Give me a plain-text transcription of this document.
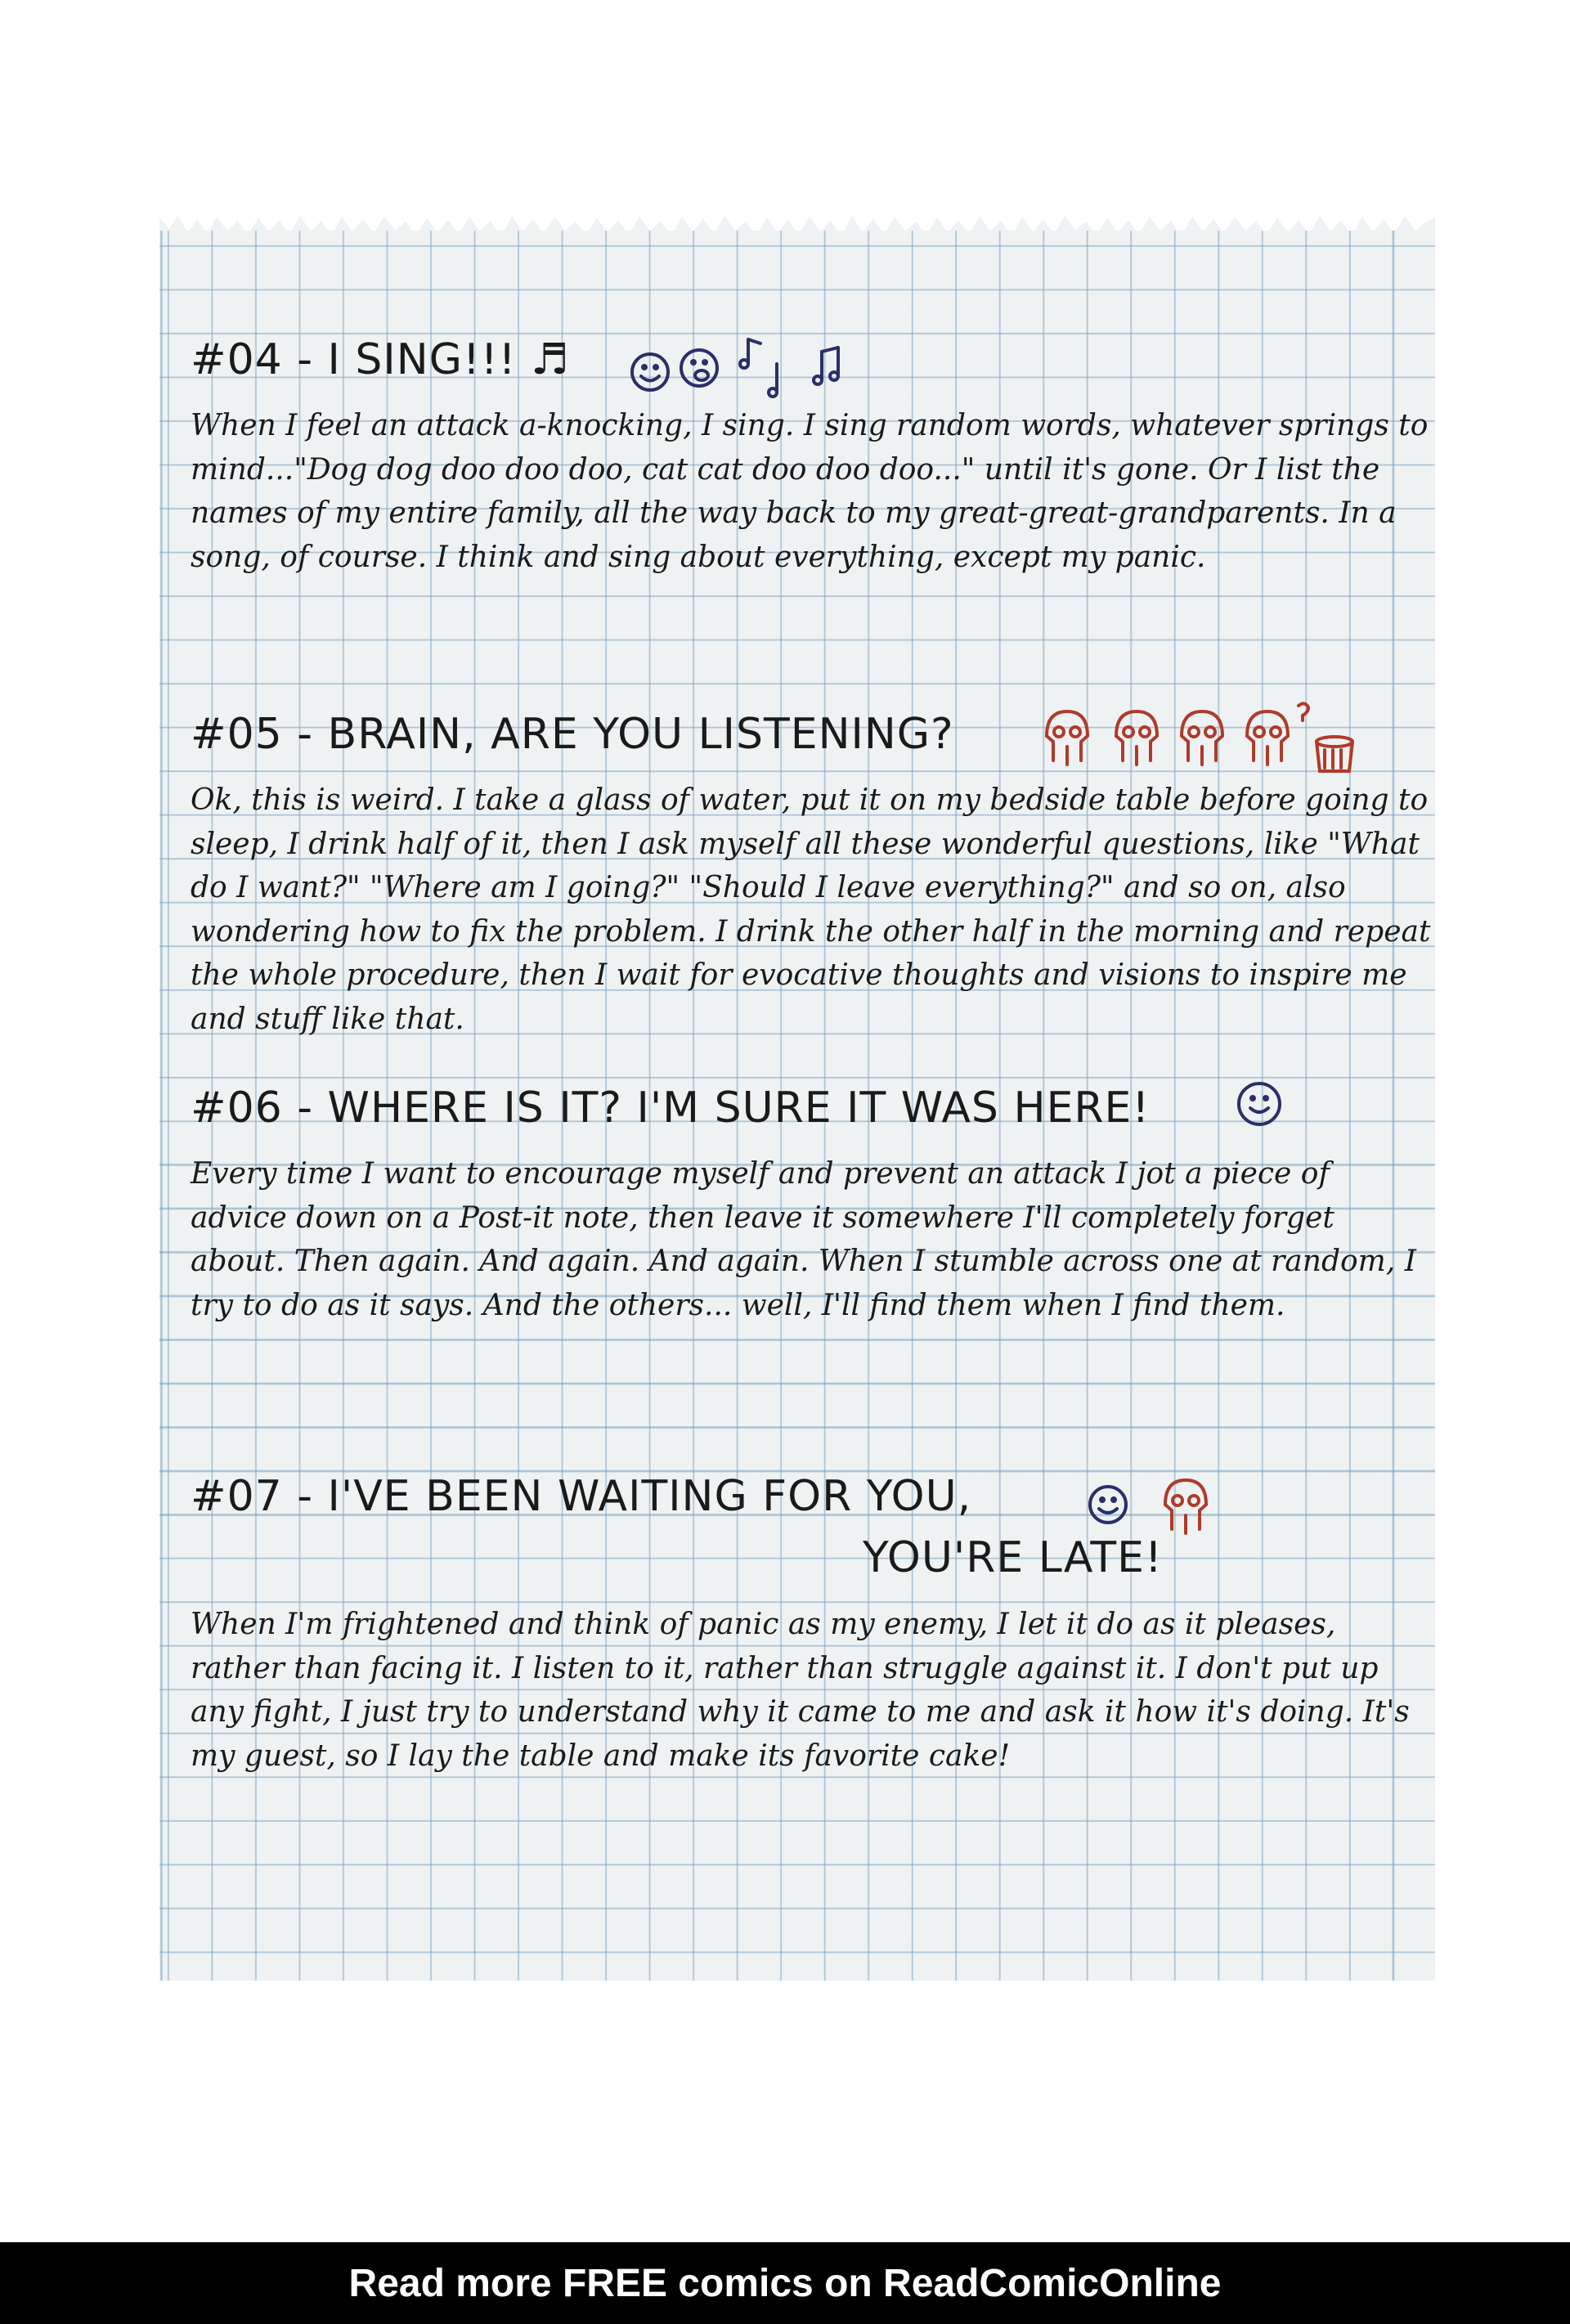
#04 - I SING!!! ♬

When I feel an attack a-knocking, I sing. I sing random words, whatever springs to mind..."Dog dog doo doo doo, cat cat doo doo doo..." until it's gone. Or I list the names of my entire family, all the way back to my great-great-grandparents. In a song, of course. I think and sing about everything, except my panic.

#05 - BRAIN, ARE YOU LISTENING?

Ok, this is weird. I take a glass of water, put it on my bedside table before going to sleep, I drink half of it, then I ask myself all these wonderful questions, like "What do I want?" "Where am I going?" "Should I leave everything?" and so on, also wondering how to fix the problem. I drink the other half in the morning and repeat the whole procedure, then I wait for evocative thoughts and visions to inspire me and stuff like that.

#06 - WHERE IS IT? I'M SURE IT WAS HERE!

Every time I want to encourage myself and prevent an attack I jot a piece of advice down on a Post-it note, then leave it somewhere I'll completely forget about. Then again. And again. And again. When I stumble across one at random, I try to do as it says. And the others... well, I'll find them when I find them.

#07 - I'VE BEEN WAITING FOR YOU,
YOU'RE LATE!

When I'm frightened and think of panic as my enemy, I let it do as it pleases, rather than facing it. I listen to it, rather than struggle against it. I don't put up any fight, I just try to understand why it came to me and ask it how it's doing. It's my guest, so I lay the table and make its favorite cake!

Read more FREE comics on ReadComicOnline
